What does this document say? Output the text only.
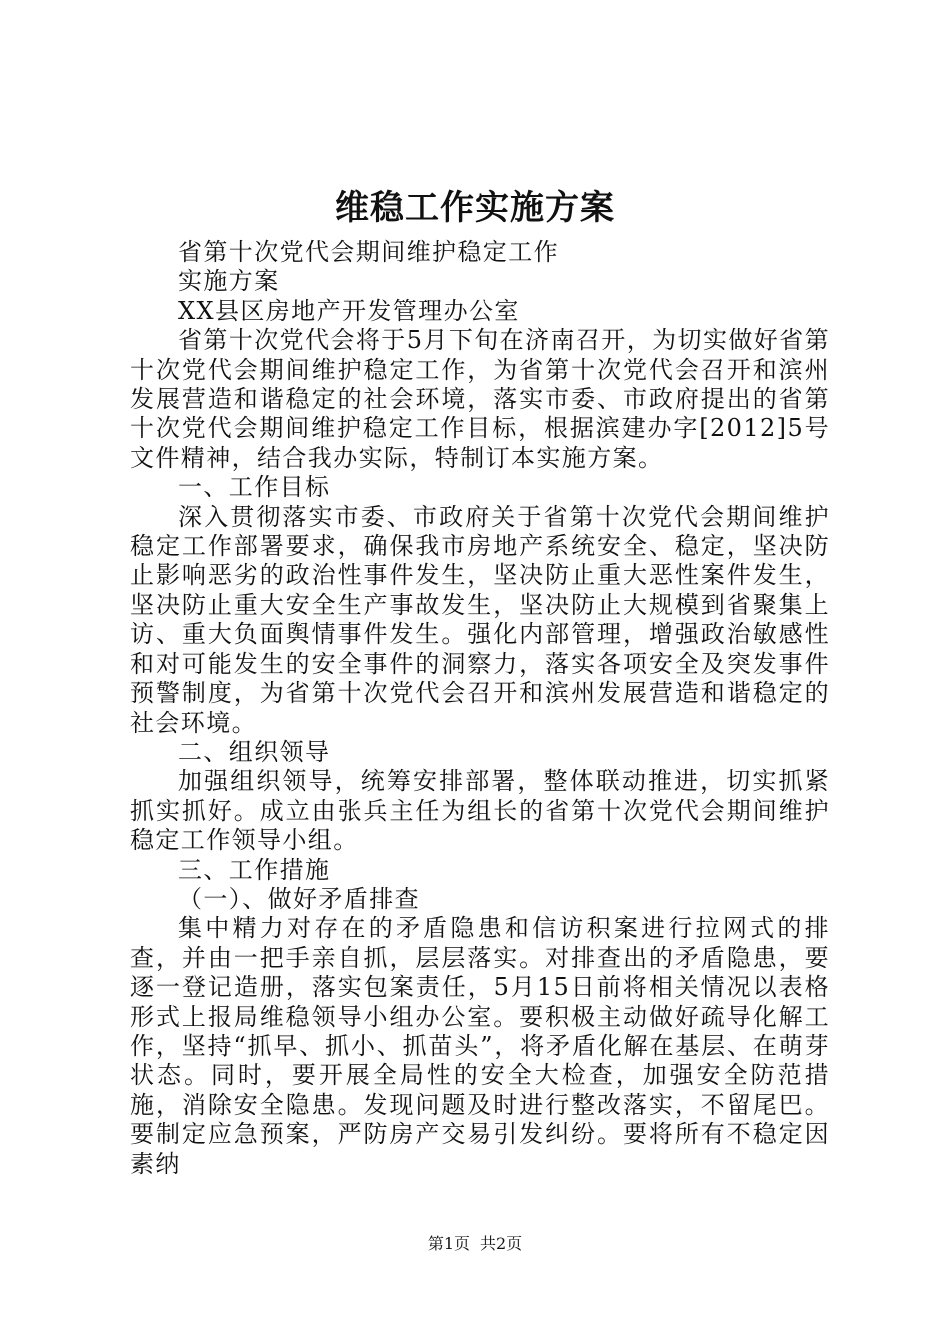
维稳工作实施方案

省第十次党代会期间维护稳定工作

实施方案

XX县区房地产开发管理办公室

省第十次党代会将于5月下旬在济南召开，为切实做好省第十次党代会期间维护稳定工作，为省第十次党代会召开和滨州发展营造和谐稳定的社会环境，落实市委、市政府提出的省第十次党代会期间维护稳定工作目标，根据滨建办字[2012]5号文件精神，结合我办实际，特制订本实施方案。

一、工作目标

深入贯彻落实市委、市政府关于省第十次党代会期间维护稳定工作部署要求，确保我市房地产系统安全、稳定，坚决防止影响恶劣的政治性事件发生，坚决防止重大恶性案件发生，坚决防止重大安全生产事故发生，坚决防止大规模到省聚集上访、重大负面舆情事件发生。强化内部管理，增强政治敏感性和对可能发生的安全事件的洞察力，落实各项安全及突发事件预警制度，为省第十次党代会召开和滨州发展营造和谐稳定的社会环境。

二、组织领导

加强组织领导，统筹安排部署，整体联动推进，切实抓紧抓实抓好。成立由张兵主任为组长的省第十次党代会期间维护稳定工作领导小组。

三、工作措施

（一）、做好矛盾排查

集中精力对存在的矛盾隐患和信访积案进行拉网式的排查，并由一把手亲自抓，层层落实。对排查出的矛盾隐患，要逐一登记造册，落实包案责任，5月15日前将相关情况以表格形式上报局维稳领导小组办公室。要积极主动做好疏导化解工作，坚持“抓早、抓小、抓苗头”，将矛盾化解在基层、在萌芽状态。同时，要开展全局性的安全大检查，加强安全防范措施，消除安全隐患。发现问题及时进行整改落实，不留尾巴。要制定应急预案，严防房产交易引发纠纷。要将所有不稳定因素纳

第1页 共2页
